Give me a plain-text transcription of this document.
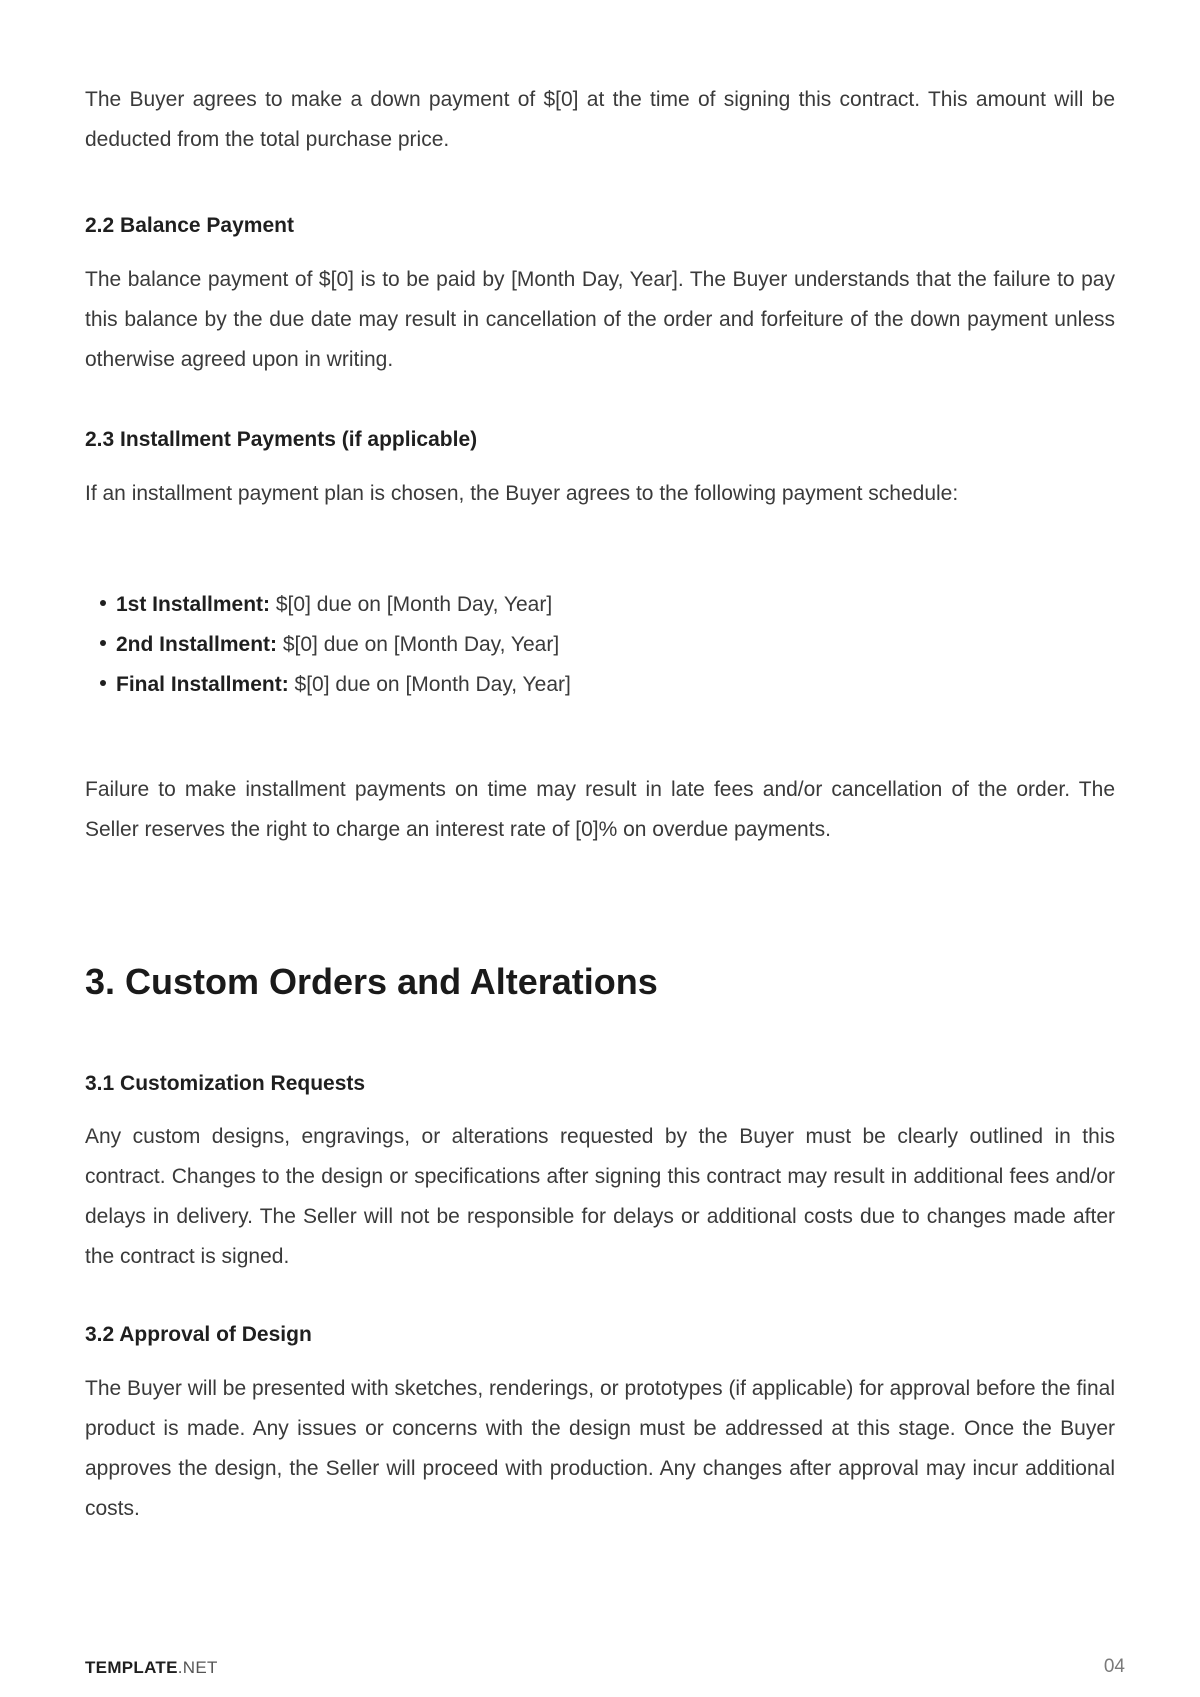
The Buyer agrees to make a down payment of $[0] at the time of signing this contract. This amount will be deducted from the total purchase price.

2.2 Balance Payment

The balance payment of $[0] is to be paid by [Month Day, Year]. The Buyer understands that the failure to pay this balance by the due date may result in cancellation of the order and forfeiture of the down payment unless otherwise agreed upon in writing.

2.3 Installment Payments (if applicable)

If an installment payment plan is chosen, the Buyer agrees to the following payment schedule:

1st Installment: $[0] due on [Month Day, Year]
2nd Installment: $[0] due on [Month Day, Year]
Final Installment: $[0] due on [Month Day, Year]

Failure to make installment payments on time may result in late fees and/or cancellation of the order. The Seller reserves the right to charge an interest rate of [0]% on overdue payments.

3. Custom Orders and Alterations
3.1 Customization Requests

Any custom designs, engravings, or alterations requested by the Buyer must be clearly outlined in this contract. Changes to the design or specifications after signing this contract may result in additional fees and/or delays in delivery. The Seller will not be responsible for delays or additional costs due to changes made after the contract is signed.

3.2 Approval of Design

The Buyer will be presented with sketches, renderings, or prototypes (if applicable) for approval before the final product is made. Any issues or concerns with the design must be addressed at this stage. Once the Buyer approves the design, the Seller will proceed with production. Any changes after approval may incur additional costs.

TEMPLATE.NET	04
